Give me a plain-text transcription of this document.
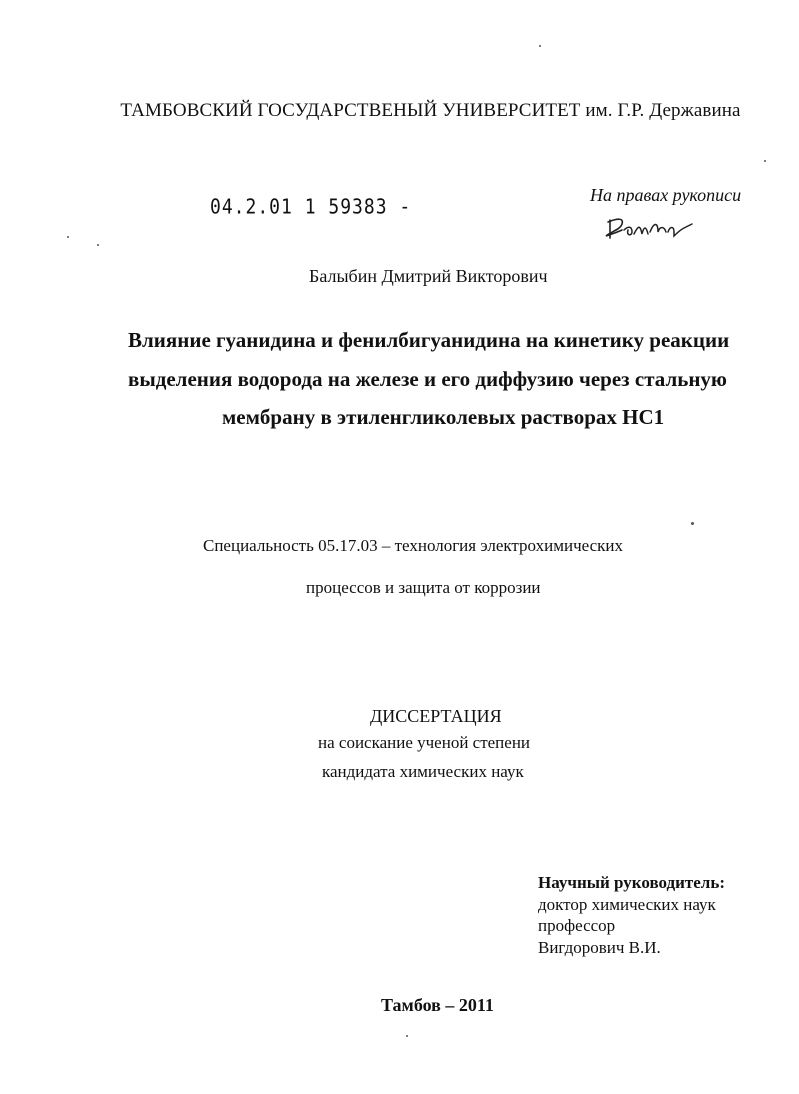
ТАМБОВСКИЙ ГОСУДАРСТВЕНЫЙ УНИВЕРСИТЕТ им. Г.Р. Державина
04.2.01 1 59383 -	На правах рукописи
Балыбин Дмитрий Викторович
Влияние гуанидина и фенилбигуанидина на кинетику реакции
выделения водорода на железе и его диффузию через стальную
мембрану в этиленгликолевых растворах НС1
Специальность 05.17.03 – технология электрохимических
процессов и защита от коррозии
ДИССЕРТАЦИЯ
на соискание ученой степени
кандидата химических наук
Научный руководитель:
доктор химических наук
профессор
Вигдорович В.И.
Тамбов – 2011
